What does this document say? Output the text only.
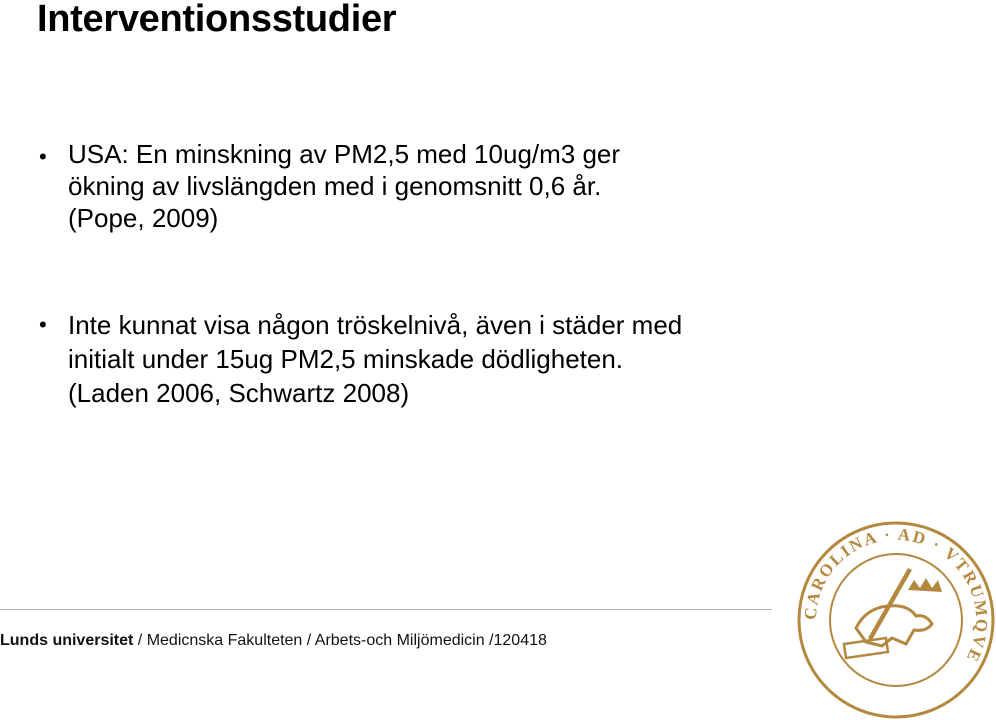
Interventionsstudier
• USA: En minskning av PM2,5 med 10ug/m3 ger
ökning av livslängden med i genomsnitt 0,6 år.
(Pope, 2009)

• Inte kunnat visa någon tröskelnivå, även i städer med
initialt under 15ug PM2,5 minskade dödligheten.
(Laden 2006, Schwartz 2008)

Lunds universitet / Medicnska Fakulteten / Arbets-och Miljömedicin /120418
CAROLINA · AD · VTRUMQVE
